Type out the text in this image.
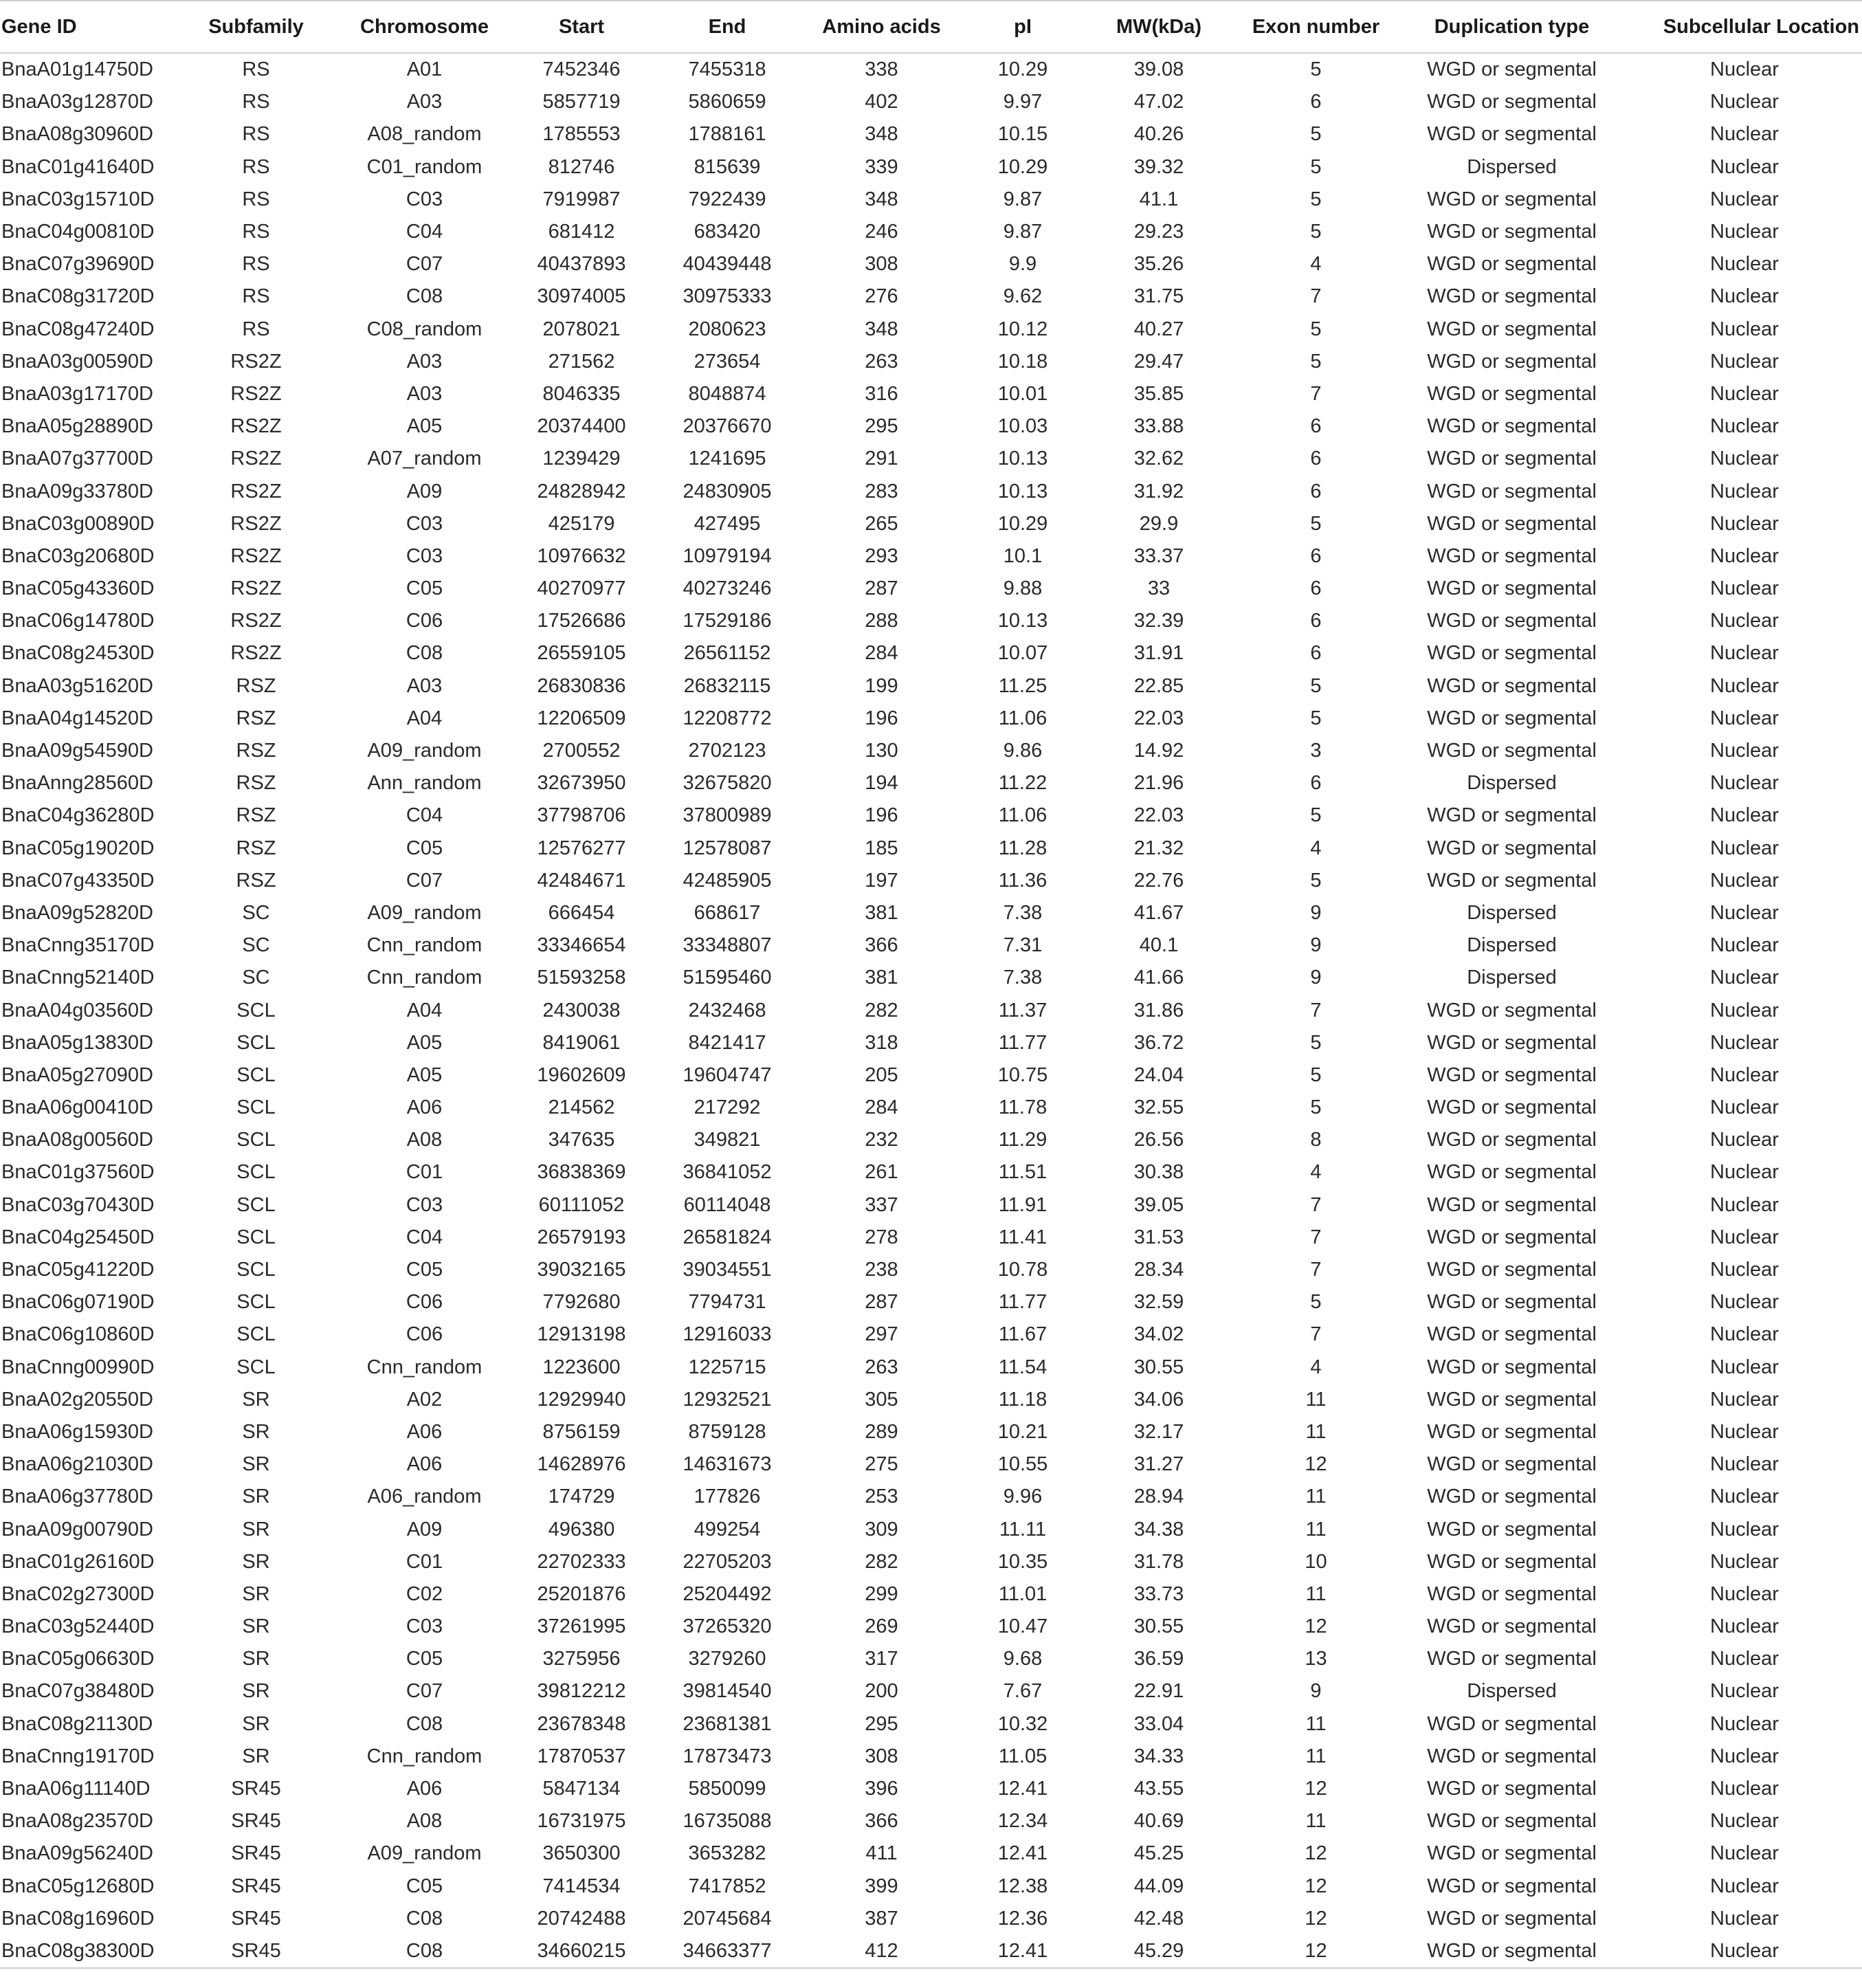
Gene ID	Subfamily	Chromosome	Start	End	Amino acids	pI	MW(kDa)	Exon number	Duplication type	Subcellular Location
BnaA01g14750D	RS	A01	7452346	7455318	338	10.29	39.08	5	WGD or segmental	Nuclear
BnaA03g12870D	RS	A03	5857719	5860659	402	9.97	47.02	6	WGD or segmental	Nuclear
BnaA08g30960D	RS	A08_random	1785553	1788161	348	10.15	40.26	5	WGD or segmental	Nuclear
BnaC01g41640D	RS	C01_random	812746	815639	339	10.29	39.32	5	Dispersed	Nuclear
BnaC03g15710D	RS	C03	7919987	7922439	348	9.87	41.1	5	WGD or segmental	Nuclear
BnaC04g00810D	RS	C04	681412	683420	246	9.87	29.23	5	WGD or segmental	Nuclear
BnaC07g39690D	RS	C07	40437893	40439448	308	9.9	35.26	4	WGD or segmental	Nuclear
BnaC08g31720D	RS	C08	30974005	30975333	276	9.62	31.75	7	WGD or segmental	Nuclear
BnaC08g47240D	RS	C08_random	2078021	2080623	348	10.12	40.27	5	WGD or segmental	Nuclear
BnaA03g00590D	RS2Z	A03	271562	273654	263	10.18	29.47	5	WGD or segmental	Nuclear
BnaA03g17170D	RS2Z	A03	8046335	8048874	316	10.01	35.85	7	WGD or segmental	Nuclear
BnaA05g28890D	RS2Z	A05	20374400	20376670	295	10.03	33.88	6	WGD or segmental	Nuclear
BnaA07g37700D	RS2Z	A07_random	1239429	1241695	291	10.13	32.62	6	WGD or segmental	Nuclear
BnaA09g33780D	RS2Z	A09	24828942	24830905	283	10.13	31.92	6	WGD or segmental	Nuclear
BnaC03g00890D	RS2Z	C03	425179	427495	265	10.29	29.9	5	WGD or segmental	Nuclear
BnaC03g20680D	RS2Z	C03	10976632	10979194	293	10.1	33.37	6	WGD or segmental	Nuclear
BnaC05g43360D	RS2Z	C05	40270977	40273246	287	9.88	33	6	WGD or segmental	Nuclear
BnaC06g14780D	RS2Z	C06	17526686	17529186	288	10.13	32.39	6	WGD or segmental	Nuclear
BnaC08g24530D	RS2Z	C08	26559105	26561152	284	10.07	31.91	6	WGD or segmental	Nuclear
BnaA03g51620D	RSZ	A03	26830836	26832115	199	11.25	22.85	5	WGD or segmental	Nuclear
BnaA04g14520D	RSZ	A04	12206509	12208772	196	11.06	22.03	5	WGD or segmental	Nuclear
BnaA09g54590D	RSZ	A09_random	2700552	2702123	130	9.86	14.92	3	WGD or segmental	Nuclear
BnaAnng28560D	RSZ	Ann_random	32673950	32675820	194	11.22	21.96	6	Dispersed	Nuclear
BnaC04g36280D	RSZ	C04	37798706	37800989	196	11.06	22.03	5	WGD or segmental	Nuclear
BnaC05g19020D	RSZ	C05	12576277	12578087	185	11.28	21.32	4	WGD or segmental	Nuclear
BnaC07g43350D	RSZ	C07	42484671	42485905	197	11.36	22.76	5	WGD or segmental	Nuclear
BnaA09g52820D	SC	A09_random	666454	668617	381	7.38	41.67	9	Dispersed	Nuclear
BnaCnng35170D	SC	Cnn_random	33346654	33348807	366	7.31	40.1	9	Dispersed	Nuclear
BnaCnng52140D	SC	Cnn_random	51593258	51595460	381	7.38	41.66	9	Dispersed	Nuclear
BnaA04g03560D	SCL	A04	2430038	2432468	282	11.37	31.86	7	WGD or segmental	Nuclear
BnaA05g13830D	SCL	A05	8419061	8421417	318	11.77	36.72	5	WGD or segmental	Nuclear
BnaA05g27090D	SCL	A05	19602609	19604747	205	10.75	24.04	5	WGD or segmental	Nuclear
BnaA06g00410D	SCL	A06	214562	217292	284	11.78	32.55	5	WGD or segmental	Nuclear
BnaA08g00560D	SCL	A08	347635	349821	232	11.29	26.56	8	WGD or segmental	Nuclear
BnaC01g37560D	SCL	C01	36838369	36841052	261	11.51	30.38	4	WGD or segmental	Nuclear
BnaC03g70430D	SCL	C03	60111052	60114048	337	11.91	39.05	7	WGD or segmental	Nuclear
BnaC04g25450D	SCL	C04	26579193	26581824	278	11.41	31.53	7	WGD or segmental	Nuclear
BnaC05g41220D	SCL	C05	39032165	39034551	238	10.78	28.34	7	WGD or segmental	Nuclear
BnaC06g07190D	SCL	C06	7792680	7794731	287	11.77	32.59	5	WGD or segmental	Nuclear
BnaC06g10860D	SCL	C06	12913198	12916033	297	11.67	34.02	7	WGD or segmental	Nuclear
BnaCnng00990D	SCL	Cnn_random	1223600	1225715	263	11.54	30.55	4	WGD or segmental	Nuclear
BnaA02g20550D	SR	A02	12929940	12932521	305	11.18	34.06	11	WGD or segmental	Nuclear
BnaA06g15930D	SR	A06	8756159	8759128	289	10.21	32.17	11	WGD or segmental	Nuclear
BnaA06g21030D	SR	A06	14628976	14631673	275	10.55	31.27	12	WGD or segmental	Nuclear
BnaA06g37780D	SR	A06_random	174729	177826	253	9.96	28.94	11	WGD or segmental	Nuclear
BnaA09g00790D	SR	A09	496380	499254	309	11.11	34.38	11	WGD or segmental	Nuclear
BnaC01g26160D	SR	C01	22702333	22705203	282	10.35	31.78	10	WGD or segmental	Nuclear
BnaC02g27300D	SR	C02	25201876	25204492	299	11.01	33.73	11	WGD or segmental	Nuclear
BnaC03g52440D	SR	C03	37261995	37265320	269	10.47	30.55	12	WGD or segmental	Nuclear
BnaC05g06630D	SR	C05	3275956	3279260	317	9.68	36.59	13	WGD or segmental	Nuclear
BnaC07g38480D	SR	C07	39812212	39814540	200	7.67	22.91	9	Dispersed	Nuclear
BnaC08g21130D	SR	C08	23678348	23681381	295	10.32	33.04	11	WGD or segmental	Nuclear
BnaCnng19170D	SR	Cnn_random	17870537	17873473	308	11.05	34.33	11	WGD or segmental	Nuclear
BnaA06g11140D	SR45	A06	5847134	5850099	396	12.41	43.55	12	WGD or segmental	Nuclear
BnaA08g23570D	SR45	A08	16731975	16735088	366	12.34	40.69	11	WGD or segmental	Nuclear
BnaA09g56240D	SR45	A09_random	3650300	3653282	411	12.41	45.25	12	WGD or segmental	Nuclear
BnaC05g12680D	SR45	C05	7414534	7417852	399	12.38	44.09	12	WGD or segmental	Nuclear
BnaC08g16960D	SR45	C08	20742488	20745684	387	12.36	42.48	12	WGD or segmental	Nuclear
BnaC08g38300D	SR45	C08	34660215	34663377	412	12.41	45.29	12	WGD or segmental	Nuclear
